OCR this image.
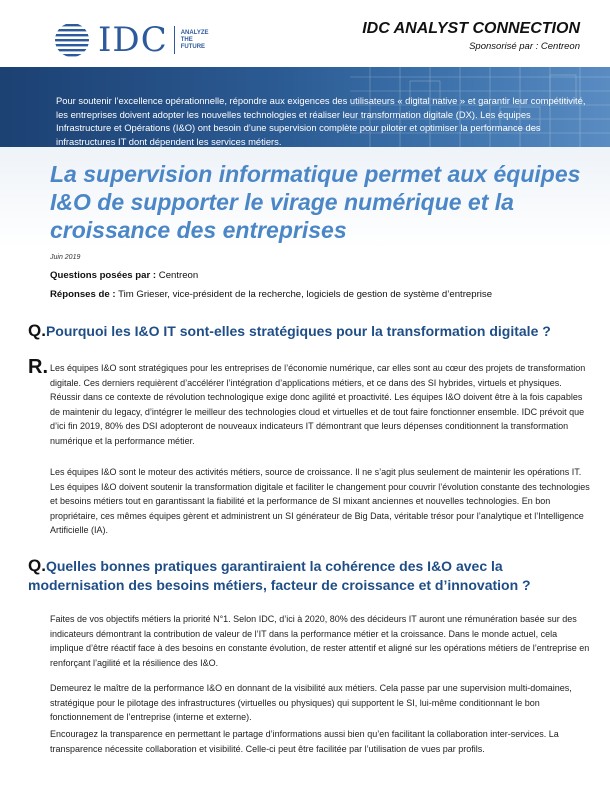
IDC ANALYZE
THE
FUTURE
IDC ANALYST CONNECTION
Sponsorisé par : Centreon

Pour soutenir l’excellence opérationnelle, répondre aux exigences des utilisateurs « digital native » et garantir leur compétitivité, les entreprises doivent adopter les nouvelles technologies et réaliser leur transformation digitale (DX). Les équipes Infrastructure et Opérations (I&O) ont besoin d’une supervision complète pour piloter et optimiser la performance des infrastructures IT dont dépendent les services métiers.

La supervision informatique permet aux équipes I&O de supporter le virage numérique et la croissance des entreprises
Juin 2019
Questions posées par : Centreon
Réponses de : Tim Grieser, vice-président de la recherche, logiciels de gestion de système d’entreprise
Q.Pourquoi les I&O IT sont-elles stratégiques pour la transformation digitale ?
R. Les équipes I&O sont stratégiques pour les entreprises de l’économie numérique, car elles sont au cœur des projets de transformation digitale. Ces derniers requièrent d’accélérer l’intégration d’applications métiers, et ce dans des SI hybrides, virtuels et physiques. Réussir dans ce contexte de révolution technologique exige donc agilité et proactivité. Les équipes I&O doivent être à la fois capables de maintenir du legacy, d’intégrer le meilleur des technologies cloud et virtuelles et de tout faire fonctionner ensemble. IDC prévoit que d’ici fin 2019, 80% des DSI adopteront de nouveaux indicateurs IT démontrant que leurs dépenses conditionnent la transformation numérique et la performance métier.

Les équipes I&O sont le moteur des activités métiers, source de croissance. Il ne s’agit plus seulement de maintenir les opérations IT. Les équipes I&O doivent soutenir la transformation digitale et faciliter le changement pour couvrir l’évolution constante des technologies et besoins métiers tout en garantissant la fiabilité et la performance de SI mixant anciennes et nouvelles technologies. En bon propriétaire, ces mêmes équipes gèrent et administrent un SI générateur de Big Data, véritable trésor pour l’analytique et l’Intelligence Artificielle (IA).

Q.Quelles bonnes pratiques garantiraient la cohérence des I&O avec la modernisation des besoins métiers, facteur de croissance et d’innovation ?

Faites de vos objectifs métiers la priorité N°1. Selon IDC, d’ici à 2020, 80% des décideurs IT auront une rémunération basée sur des indicateurs démontrant la contribution de valeur de l’IT dans la performance métier et la croissance. Dans le monde actuel, cela implique d’être réactif face à des besoins en constante évolution, de rester attentif et aligné sur les opérations métiers de l’entreprise en renforçant l’agilité et la résilience des I&O.

Demeurez le maître de la performance I&O en donnant de la visibilité aux métiers. Cela passe par une supervision multi-domaines, stratégique pour le pilotage des infrastructures (virtuelles ou physiques) qui supportent le SI, lui-même conditionnant le bon fonctionnement de l’entreprise (interne et externe).

Encouragez la transparence en permettant le partage d’informations aussi bien qu’en facilitant la collaboration inter-services. La transparence nécessite collaboration et visibilité. Celle-ci peut être facilitée par l’utilisation de vues par profils.
